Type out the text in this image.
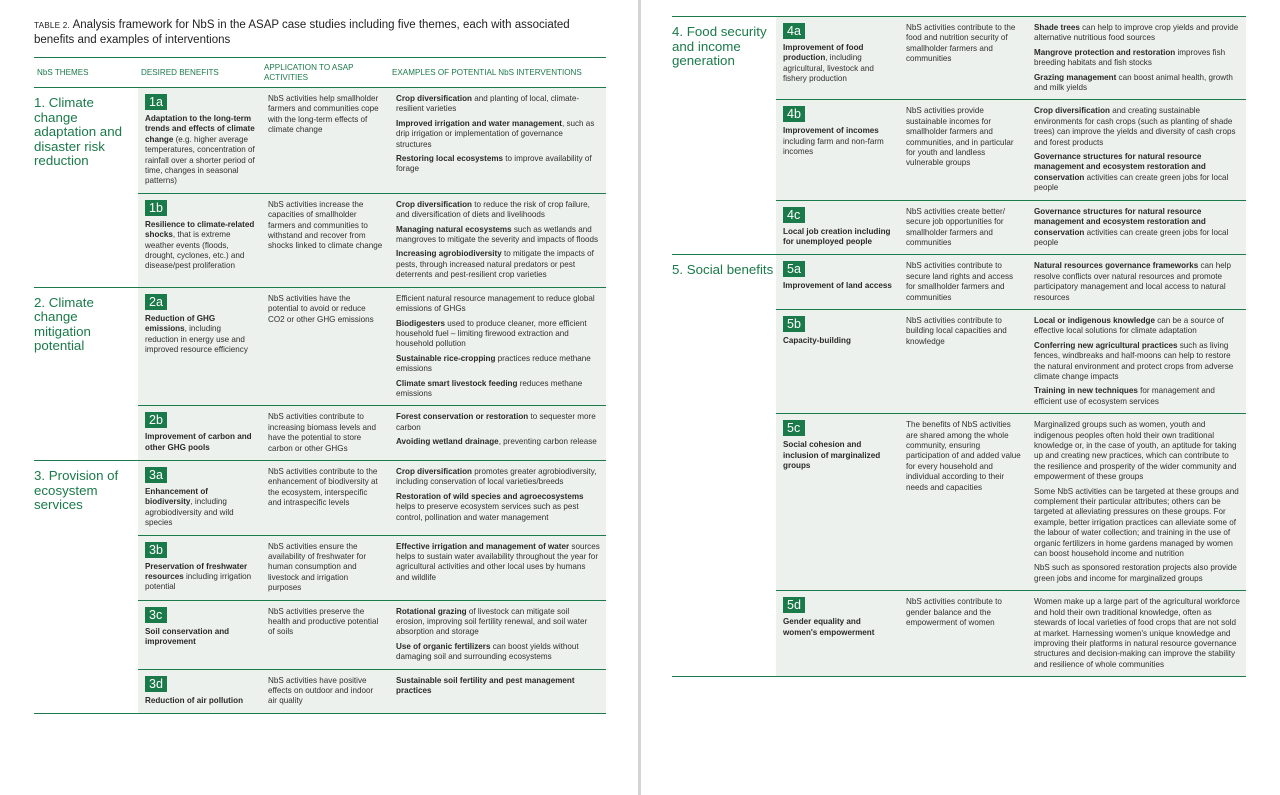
TABLE 2. Analysis framework for NbS in the ASAP case studies including five themes, each with associated benefits and examples of interventions
NbS THEMES	DESIRED BENEFITS
APPLICATION TO ASAP ACTIVITIES
EXAMPLES OF POTENTIAL NbS INTERVENTIONS
1. Climate change adaptation and disaster risk reduction
1a
Adaptation to the long-term trends and effects of climate change (e.g. higher average temperatures, concentration of rainfall over a shorter period of time, changes in seasonal patterns)
NbS activities help smallholder farmers and communities cope with the long-term effects of climate change
Crop diversification and planting of local, climate-resilient varieties
Improved irrigation and water management, such as drip irrigation or implementation of governance structures
Restoring local ecosystems to improve availability of forage
1b
Resilience to climate-related shocks, that is extreme weather events (floods, drought, cyclones, etc.) and disease/pest proliferation
NbS activities increase the capacities of smallholder farmers and communities to withstand and recover from shocks linked to climate change
Crop diversification to reduce the risk of crop failure, and diversification of diets and livelihoods
Managing natural ecosystems such as wetlands and mangroves to mitigate the severity and impacts of floods
Increasing agrobiodiversity to mitigate the impacts of pests, through increased natural predators or pest deterrents and pest-resilient crop varieties
2. Climate change mitigation potential
2a
Reduction of GHG emissions, including reduction in energy use and improved resource efficiency
NbS activities have the potential to avoid or reduce CO2 or other GHG emissions
Efficient natural resource management to reduce global emissions of GHGs
Biodigesters used to produce cleaner, more efficient household fuel – limiting firewood extraction and household pollution
Sustainable rice-cropping practices reduce methane emissions
Climate smart livestock feeding reduces methane emissions
2b
Improvement of carbon and other GHG pools
NbS activities contribute to increasing biomass levels and have the potential to store carbon or other GHGs
Forest conservation or restoration to sequester more carbon
Avoiding wetland drainage, preventing carbon release
3. Provision of ecosystem services
3a
Enhancement of biodiversity, including agrobiodiversity and wild species
NbS activities contribute to the enhancement of biodiversity at the ecosystem, interspecific and intraspecific levels
Crop diversification promotes greater agrobiodiversity, including conservation of local varieties/breeds
Restoration of wild species and agroecosystems helps to preserve ecosystem services such as pest control, pollination and water management
3b
Preservation of freshwater resources including irrigation potential
NbS activities ensure the availability of freshwater for human consumption and livestock and irrigation purposes
Effective irrigation and management of water sources helps to sustain water availability throughout the year for agricultural activities and other local uses by humans and wildlife
3c
Soil conservation and improvement
NbS activities preserve the health and productive potential of soils
Rotational grazing of livestock can mitigate soil erosion, improving soil fertility renewal, and soil water absorption and storage
Use of organic fertilizers can boost yields without damaging soil and surrounding ecosystems
3d
Reduction of air pollution
NbS activities have positive effects on outdoor and indoor air quality
Sustainable soil fertility and pest management practices
4. Food security and income generation
4a
Improvement of food production, including agricultural, livestock and fishery production
NbS activities contribute to the food and nutrition security of smallholder farmers and communities
Shade trees can help to improve crop yields and provide alternative nutritious food sources
Mangrove protection and restoration improves fish breeding habitats and fish stocks
Grazing management can boost animal health, growth and milk yields
4b
Improvement of incomes including farm and non-farm incomes
NbS activities provide sustainable incomes for smallholder farmers and communities, and in particular for youth and landless vulnerable groups
Crop diversification and creating sustainable environments for cash crops (such as planting of shade trees) can improve the yields and diversity of cash crops and forest products
Governance structures for natural resource management and ecosystem restoration and conservation activities can create green jobs for local people
4c
Local job creation including for unemployed people
NbS activities create better/ secure job opportunities for smallholder farmers and communities
Governance structures for natural resource management and ecosystem restoration and conservation activities can create green jobs for local people
5. Social benefits	5a
Improvement of land access
NbS activities contribute to secure land rights and access for smallholder farmers and communities
Natural resources governance frameworks can help resolve conflicts over natural resources and promote participatory management and local access to natural resources
5b
Capacity-building
NbS activities contribute to building local capacities and knowledge
Local or indigenous knowledge can be a source of effective local solutions for climate adaptation
Conferring new agricultural practices such as living fences, windbreaks and half-moons can help to restore the natural environment and protect crops from adverse climate change impacts
Training in new techniques for management and efficient use of ecosystem services
5c
Social cohesion and inclusion of marginalized groups
The benefits of NbS activities are shared among the whole community, ensuring participation of and added value for every household and individual according to their needs and capacities
Marginalized groups such as women, youth and indigenous peoples often hold their own traditional knowledge or, in the case of youth, an aptitude for taking up and creating new practices, which can contribute to the resilience and prosperity of the wider community and empowerment of these groups
Some NbS activities can be targeted at these groups and complement their particular attributes; others can be targeted at alleviating pressures on these groups. For example, better irrigation practices can alleviate some of the labour of water collection; and training in the use of organic fertilizers in home gardens managed by women can boost household income and nutrition
NbS such as sponsored restoration projects also provide green jobs and income for marginalized groups
5d
Gender equality and women's empowerment
NbS activities contribute to gender balance and the empowerment of women
Women make up a large part of the agricultural workforce and hold their own traditional knowledge, often as stewards of local varieties of food crops that are not sold at market. Harnessing women's unique knowledge and improving their platforms in natural resource governance structures and decision-making can improve the stability and resilience of whole communities
